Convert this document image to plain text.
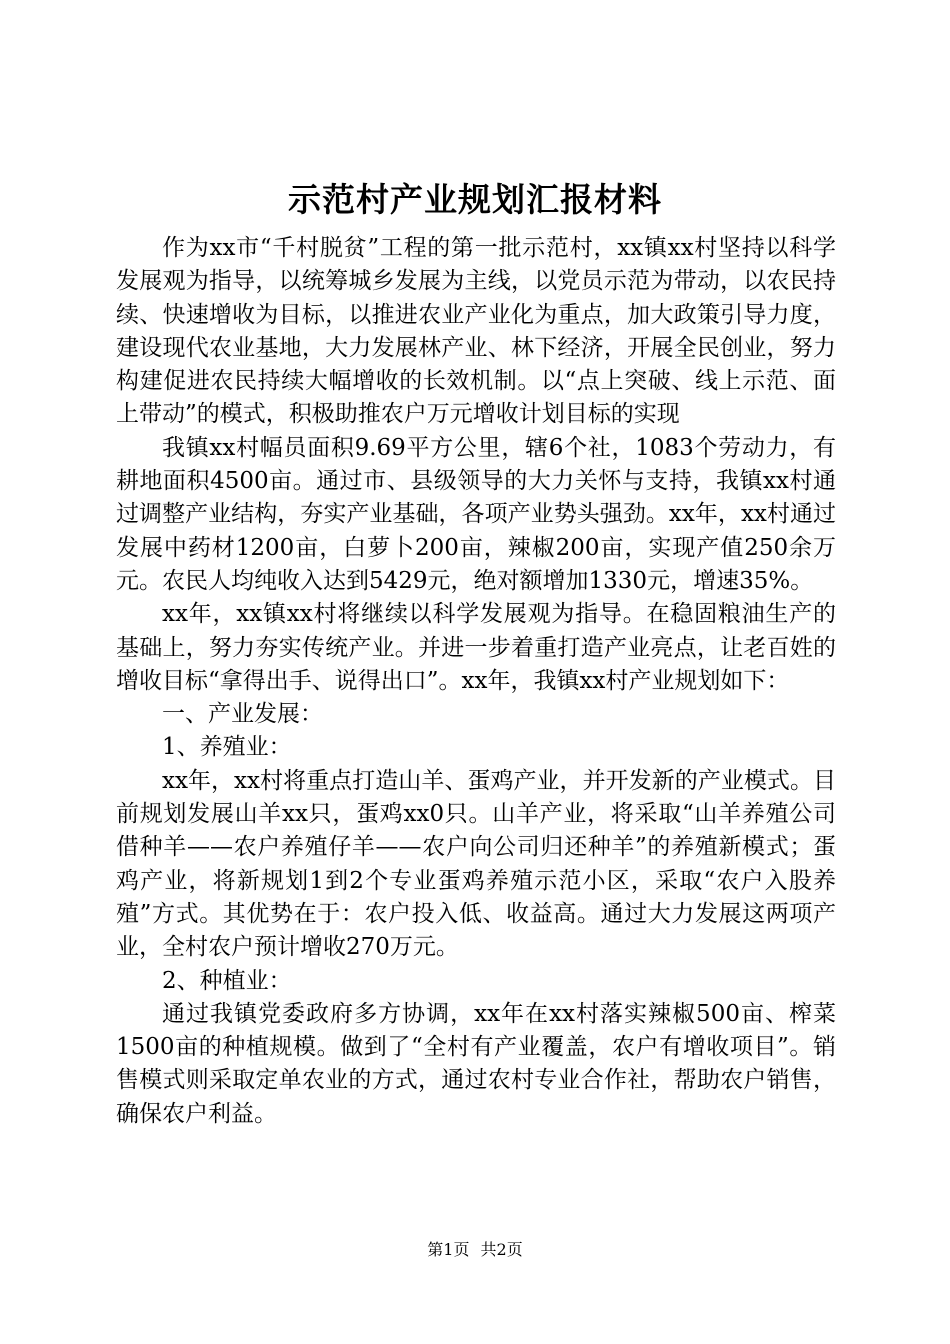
示范村产业规划汇报材料

作为xx市“千村脱贫”工程的第一批示范村，xx镇xx村坚持以科学发展观为指导，以统筹城乡发展为主线，以党员示范为带动，以农民持续、快速增收为目标，以推进农业产业化为重点，加大政策引导力度，建设现代农业基地，大力发展林产业、林下经济，开展全民创业，努力构建促进农民持续大幅增收的长效机制。以“点上突破、线上示范、面上带动”的模式，积极助推农户万元增收计划目标的实现

我镇xx村幅员面积9.69平方公里，辖6个社，1083个劳动力，有耕地面积4500亩。通过市、县级领导的大力关怀与支持，我镇xx村通过调整产业结构，夯实产业基础，各项产业势头强劲。xx年，xx村通过发展中药材1200亩，白萝卜200亩，辣椒200亩，实现产值250余万元。农民人均纯收入达到5429元，绝对额增加1330元，增速35%。

xx年，xx镇xx村将继续以科学发展观为指导。在稳固粮油生产的基础上，努力夯实传统产业。并进一步着重打造产业亮点，让老百姓的增收目标“拿得出手、说得出口”。xx年，我镇xx村产业规划如下：

一、产业发展：

1、养殖业：

xx年，xx村将重点打造山羊、蛋鸡产业，并开发新的产业模式。目前规划发展山羊xx只，蛋鸡xx0只。山羊产业，将采取“山羊养殖公司借种羊——农户养殖仔羊——农户向公司归还种羊”的养殖新模式；蛋鸡产业，将新规划1到2个专业蛋鸡养殖示范小区，采取“农户入股养殖”方式。其优势在于：农户投入低、收益高。通过大力发展这两项产业，全村农户预计增收270万元。

2、种植业：

通过我镇党委政府多方协调，xx年在xx村落实辣椒500亩、榨菜1500亩的种植规模。做到了“全村有产业覆盖，农户有增收项目”。销售模式则采取定单农业的方式，通过农村专业合作社，帮助农户销售，确保农户利益。

第1页 共2页
